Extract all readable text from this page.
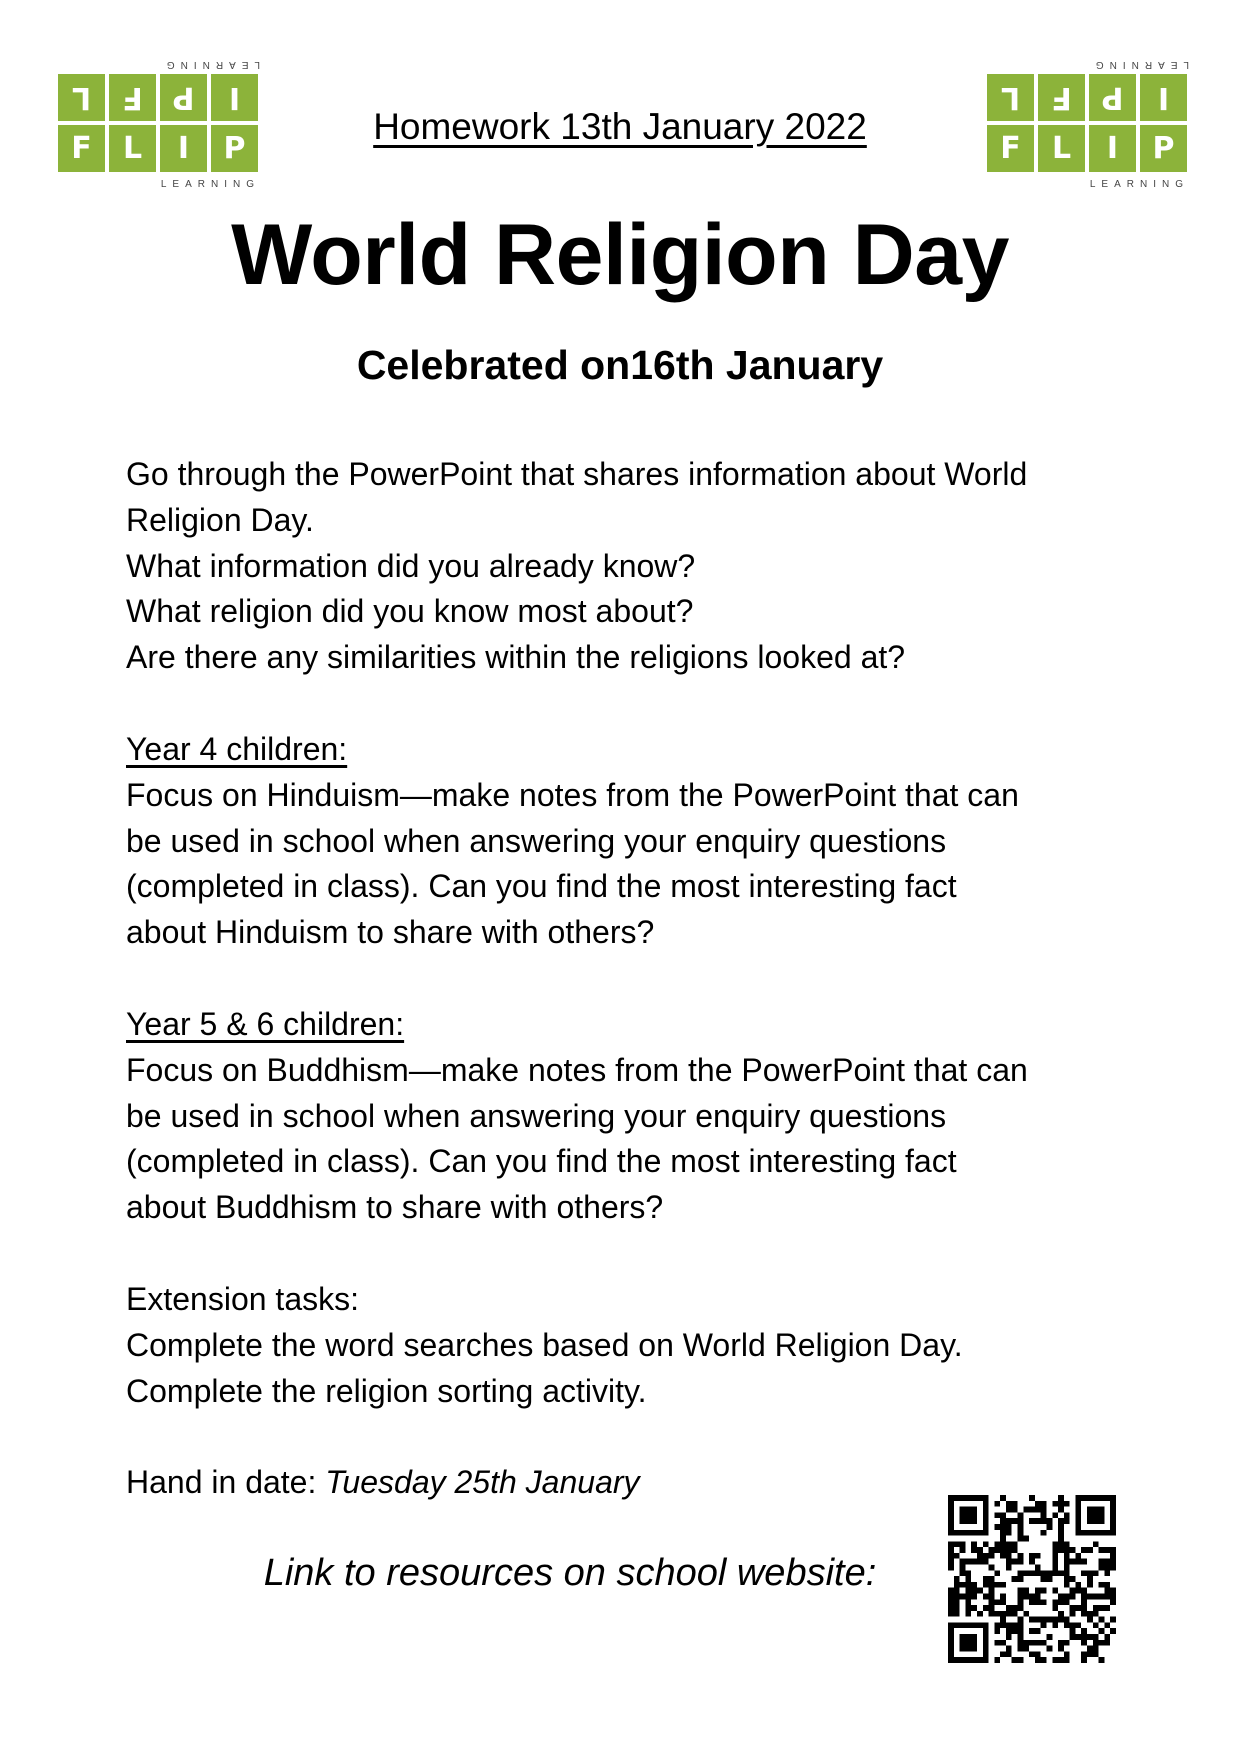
LEARNING
L	F P	I
F	L	I	P
LEARNING
LEARNING
L	F P	I
F	L	I	P
LEARNING
Homework 13th January 2022
World Religion Day
Celebrated on16th January

Go through the PowerPoint that shares information about World

Religion Day.

What information did you already know?

What religion did you know most about?

Are there any similarities within the religions looked at?

Year 4 children:

Focus on Hinduism—make notes from the PowerPoint that can

be used in school when answering your enquiry questions

(completed in class). Can you find the most interesting fact

about Hinduism to share with others?

Year 5 & 6 children:

Focus on Buddhism—make notes from the PowerPoint that can

be used in school when answering your enquiry questions

(completed in class). Can you find the most interesting fact

about Buddhism to share with others?

Extension tasks:

Complete the word searches based on World Religion Day.

Complete the religion sorting activity.

Hand in date: Tuesday 25th January

Link to resources on school website:
